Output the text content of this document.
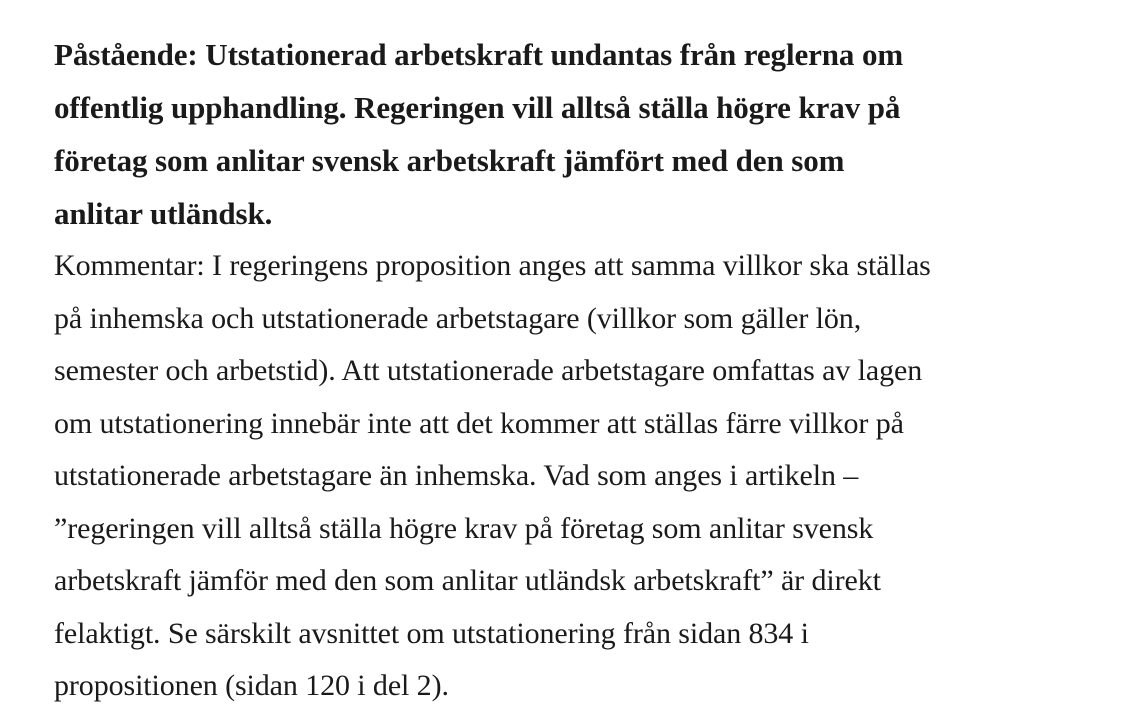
Påstående: Utstationerad arbetskraft undantas från reglerna om
offentlig upphandling. Regeringen vill alltså ställa högre krav på
företag som anlitar svensk arbetskraft jämfört med den som
anlitar utländsk.

Kommentar: I regeringens proposition anges att samma villkor ska ställas
på inhemska och utstationerade arbetstagare (villkor som gäller lön,
semester och arbetstid). Att utstationerade arbetstagare omfattas av lagen
om utstationering innebär inte att det kommer att ställas färre villkor på
utstationerade arbetstagare än inhemska. Vad som anges i artikeln –
”regeringen vill alltså ställa högre krav på företag som anlitar svensk
arbetskraft jämför med den som anlitar utländsk arbetskraft” är direkt
felaktigt. Se särskilt avsnittet om utstationering från sidan 834 i
propositionen (sidan 120 i del 2).
